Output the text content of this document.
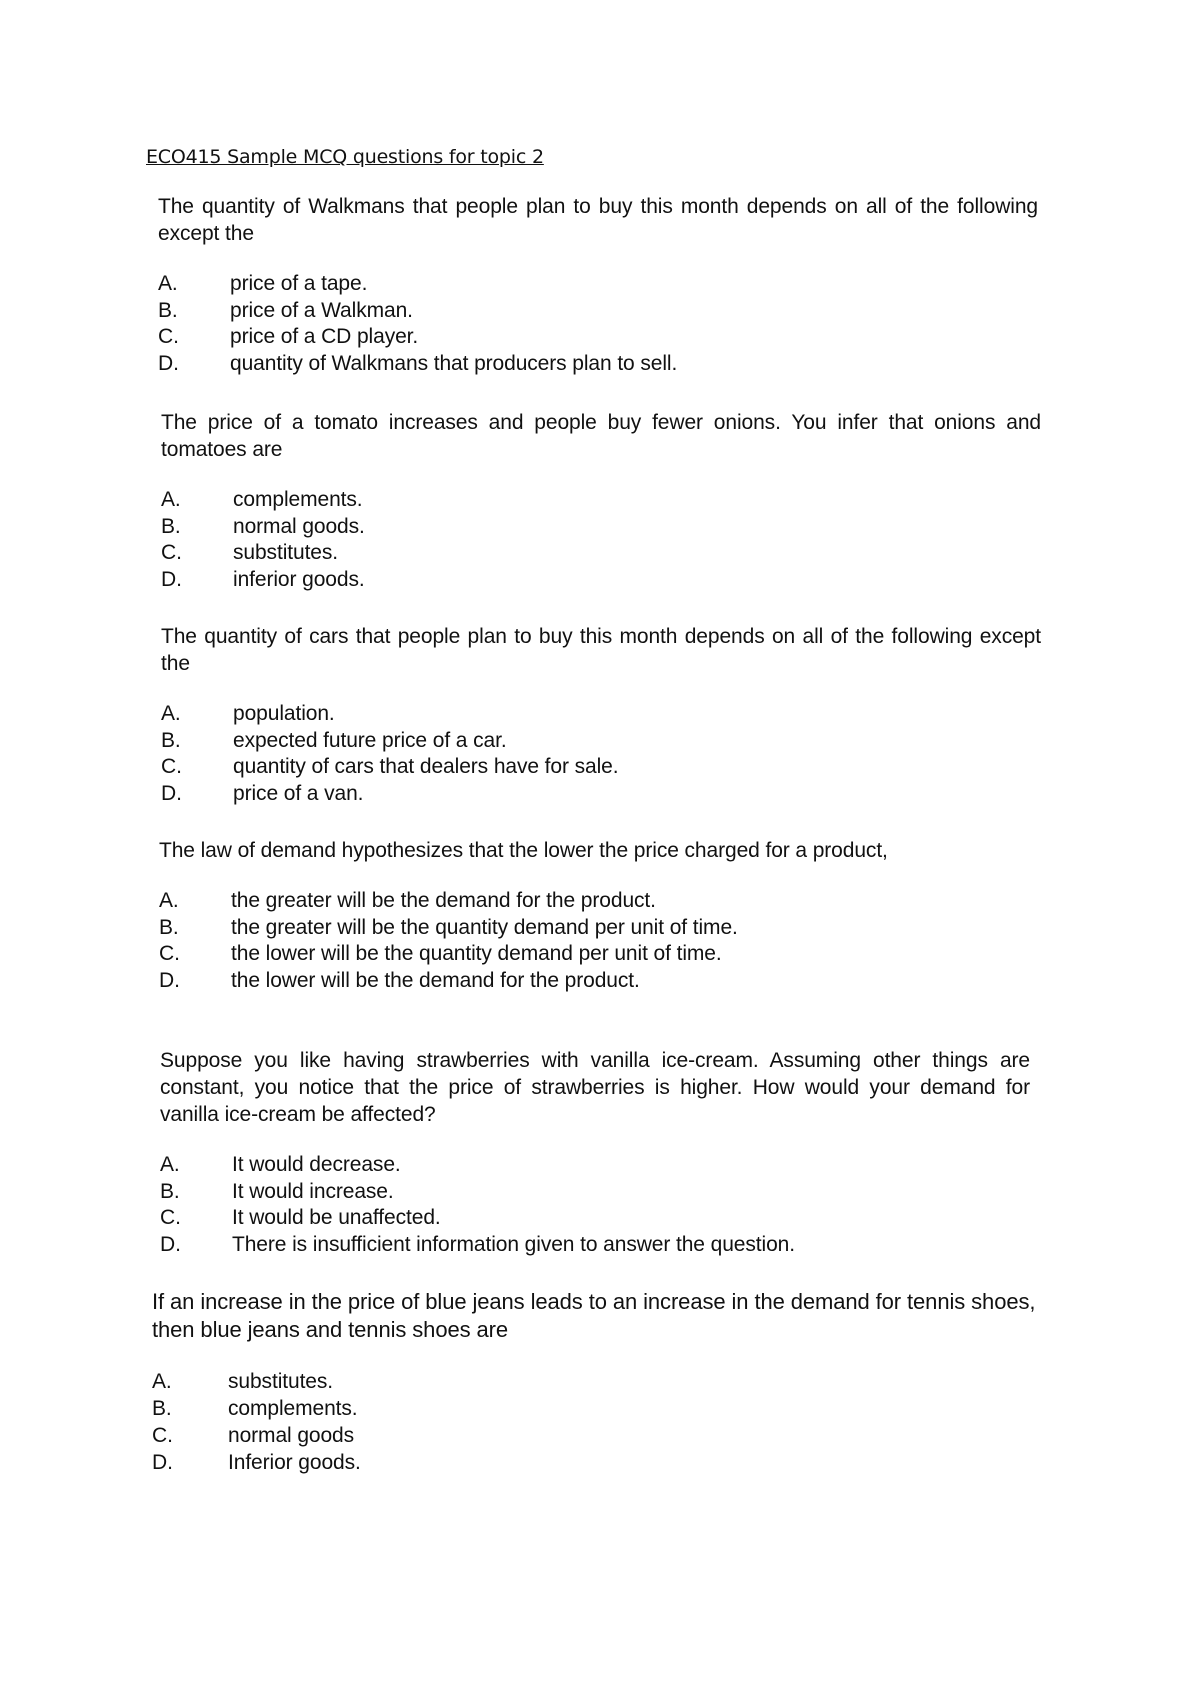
ECO415 Sample MCQ questions for topic 2

The quantity of Walkmans that people plan to buy this month depends on all of the following except the

A.	price of a tape.
B.	price of a Walkman.
C.	price of a CD player.
D.	quantity of Walkmans that producers plan to sell.

The price of a tomato increases and people buy fewer onions. You infer that onions and tomatoes are

A.	complements.
B.	normal goods.
C.	substitutes.
D.	inferior goods.

The quantity of cars that people plan to buy this month depends on all of the following except the

A.	population.
B.	expected future price of a car.
C.	quantity of cars that dealers have for sale.
D.	price of a van.

The law of demand hypothesizes that the lower the price charged for a product,

A.	the greater will be the demand for the product.
B.	the greater will be the quantity demand per unit of time.
C.	the lower will be the quantity demand per unit of time.
D.	the lower will be the demand for the product.

Suppose you like having strawberries with vanilla ice-cream. Assuming other things are constant, you notice that the price of strawberries is higher. How would your demand for vanilla ice-cream be affected?

A.	It would decrease.
B.	It would increase.
C.	It would be unaffected.
D.	There is insufficient information given to answer the question.

If an increase in the price of blue jeans leads to an increase in the demand for tennis shoes, then blue jeans and tennis shoes are

A.	substitutes.
B.	complements.
C.	normal goods
D.	Inferior goods.
